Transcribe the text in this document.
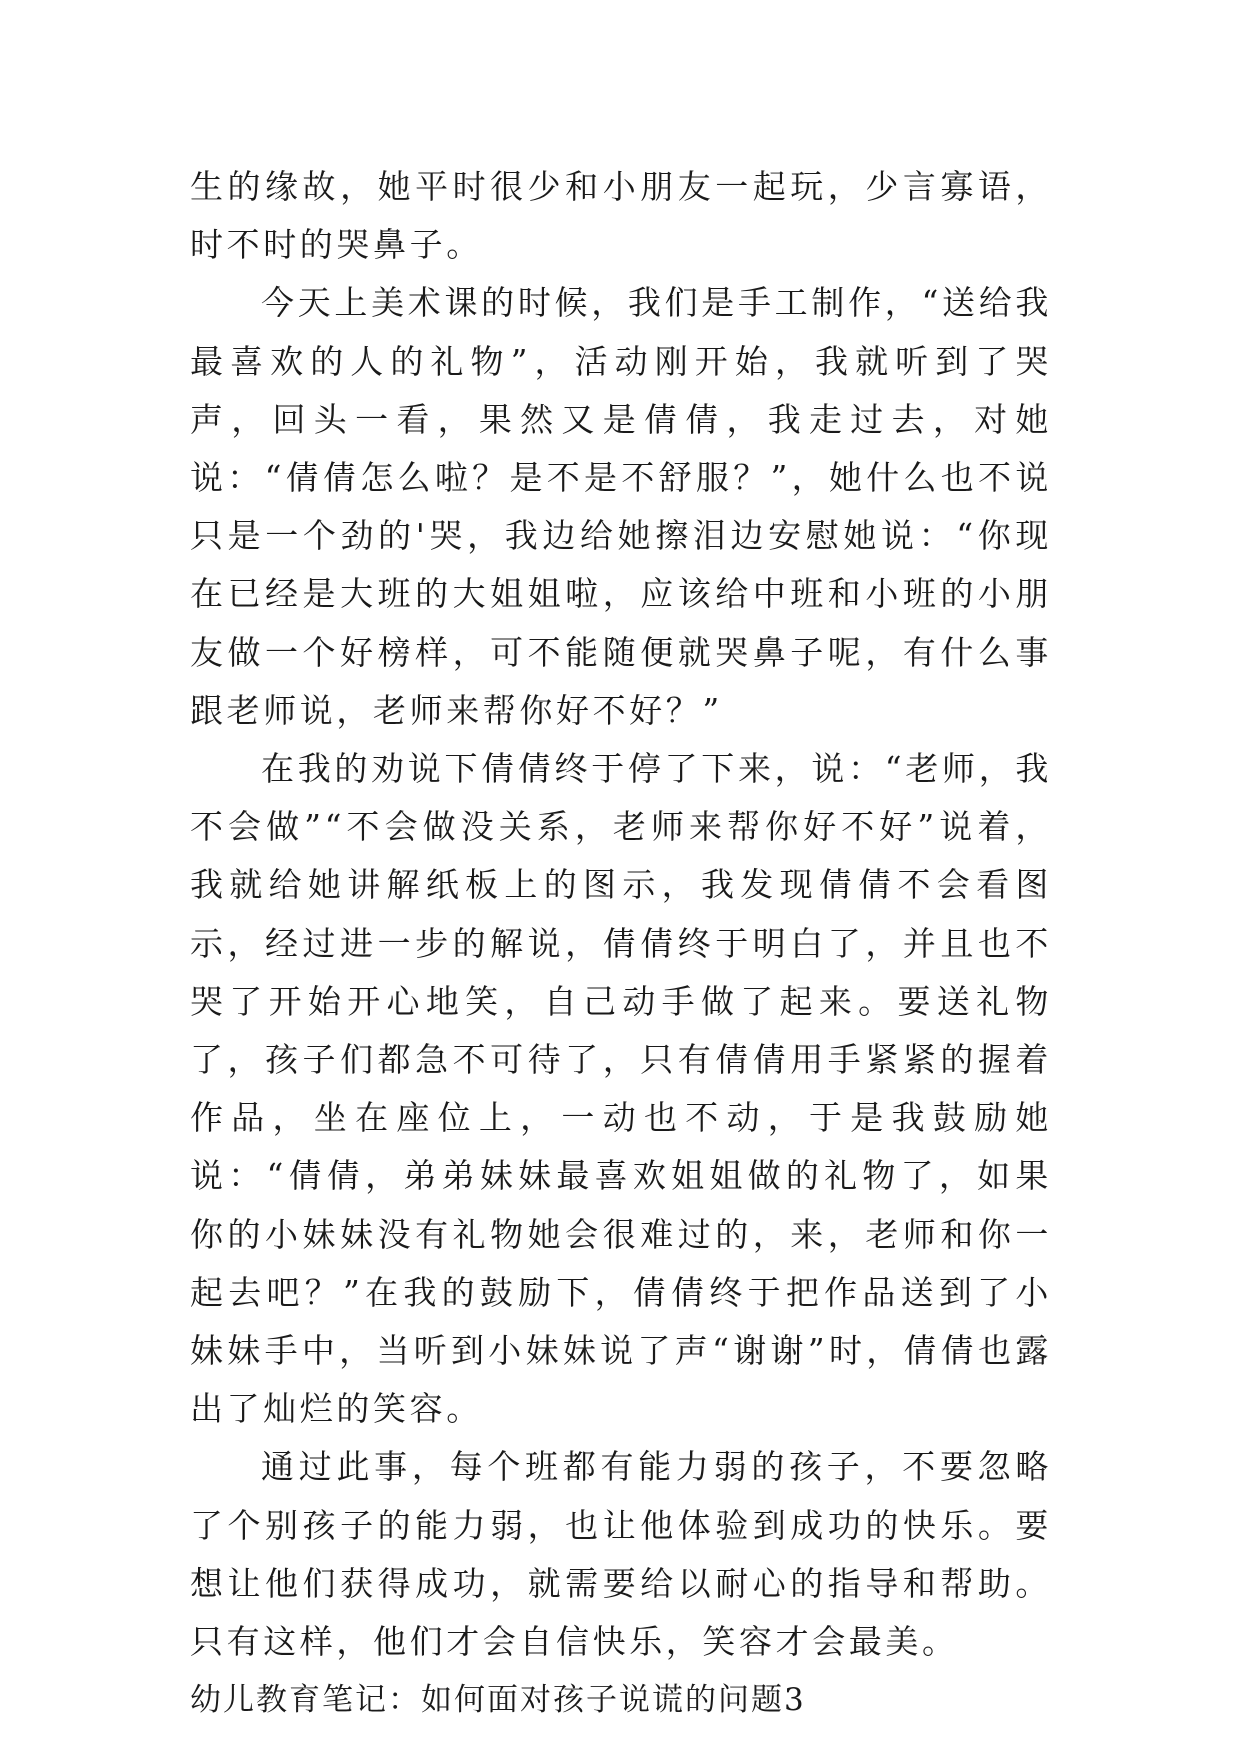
生的缘故，她平时很少和小朋友一起玩，少言寡语，时不时的哭鼻子。

今天上美术课的时候，我们是手工制作，“送给我最喜欢的人的礼物”，活动刚开始，我就听到了哭声，回头一看，果然又是倩倩，我走过去，对她说：“倩倩怎么啦？是不是不舒服？”，她什么也不说只是一个劲的'哭，我边给她擦泪边安慰她说：“你现在已经是大班的大姐姐啦，应该给中班和小班的小朋友做一个好榜样，可不能随便就哭鼻子呢，有什么事跟老师说，老师来帮你好不好？”

在我的劝说下倩倩终于停了下来，说：“老师，我不会做”“不会做没关系，老师来帮你好不好”说着，我就给她讲解纸板上的图示，我发现倩倩不会看图示，经过进一步的解说，倩倩终于明白了，并且也不哭了开始开心地笑，自己动手做了起来。要送礼物了，孩子们都急不可待了，只有倩倩用手紧紧的握着作品，坐在座位上，一动也不动，于是我鼓励她说：“倩倩，弟弟妹妹最喜欢姐姐做的礼物了，如果你的小妹妹没有礼物她会很难过的，来，老师和你一起去吧？”在我的鼓励下，倩倩终于把作品送到了小妹妹手中，当听到小妹妹说了声“谢谢”时，倩倩也露出了灿烂的笑容。

通过此事，每个班都有能力弱的孩子，不要忽略了个别孩子的能力弱，也让他体验到成功的快乐。要想让他们获得成功，就需要给以耐心的指导和帮助。只有这样，他们才会自信快乐，笑容才会最美。

幼儿教育笔记：如何面对孩子说谎的问题3
